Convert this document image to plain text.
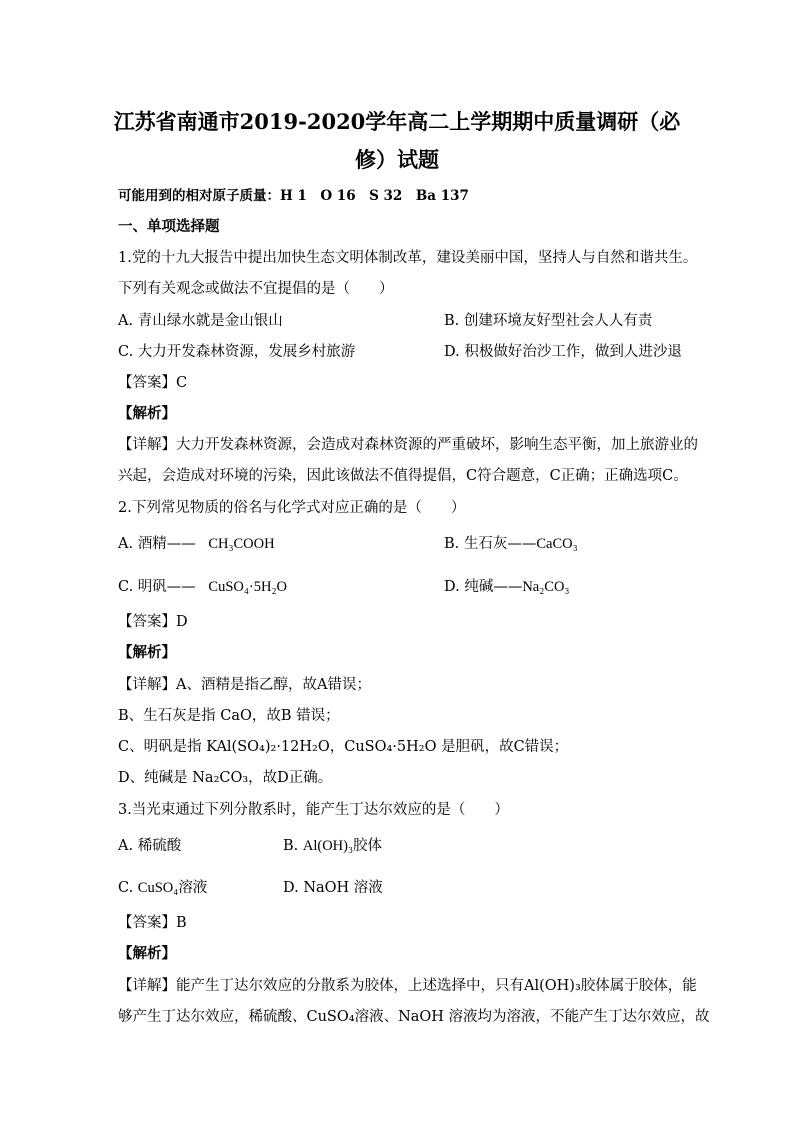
江苏省南通市2019-2020学年高二上学期期中质量调研（必
修）试题
可能用到的相对原子质量：H 1　O 16　S 32　Ba 137
一、单项选择题
1.党的十九大报告中提出加快生态文明体制改革，建设美丽中国，坚持人与自然和谐共生。
下列有关观念或做法不宜提倡的是（　　）
A. 青山绿水就是金山银山	B. 创建环境友好型社会人人有责
C. 大力开发森林资源，发展乡村旅游	D. 积极做好治沙工作，做到人进沙退
【答案】C
【解析】
【详解】大力开发森林资源，会造成对森林资源的严重破坏，影响生态平衡，加上旅游业的
兴起，会造成对环境的污染，因此该做法不值得提倡，C符合题意，C正确；正确选项C。
2.下列常见物质的俗名与化学式对应正确的是（　　）
A. 酒精—— CH₃COOH	B. 生石灰——CaCO₃
C. 明矾—— CuSO₄·5H₂O	D. 纯碱——Na₂CO₃
【答案】D
【解析】
【详解】A、酒精是指乙醇，故A错误；
B、生石灰是指 CaO，故B 错误；
C、明矾是指 KAl(SO₄)₂·12H₂O，CuSO₄·5H₂O 是胆矾，故C错误；
D、纯碱是 Na₂CO₃，故D正确。
3.当光束通过下列分散系时，能产生丁达尔效应的是（　　）
A. 稀硫酸	B. Al(OH)₃胶体
C. CuSO₄溶液	D. NaOH 溶液
【答案】B
【解析】
【详解】能产生丁达尔效应的分散系为胶体，上述选择中，只有Al(OH)₃胶体属于胶体，能
够产生丁达尔效应，稀硫酸、CuSO₄溶液、NaOH 溶液均为溶液，不能产生丁达尔效应，故
